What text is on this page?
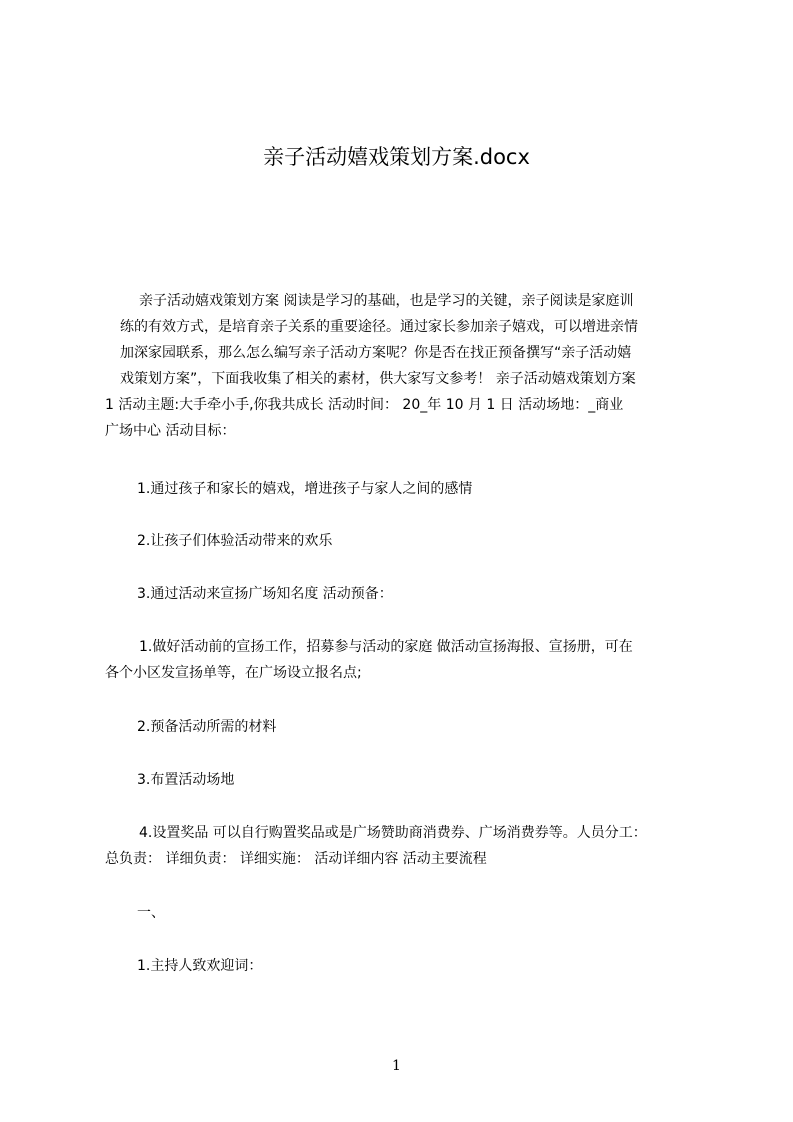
亲子活动嬉戏策划方案.docx
亲子活动嬉戏策划方案 阅读是学习的基础，也是学习的关键，亲子阅读是家庭训
练的有效方式，是培育亲子关系的重要途径。通过家长参加亲子嬉戏，可以增进亲情
加深家园联系，那么怎么编写亲子活动方案呢？你是否在找正预备撰写“亲子活动嬉
戏策划方案”，下面我收集了相关的素材，供大家写文参考！ 亲子活动嬉戏策划方案
1 活动主题:大手牵小手,你我共成长 活动时间： 20_年 10 月 1 日 活动场地：_商业
广场中心 活动目标：
1.通过孩子和家长的嬉戏，增进孩子与家人之间的感情
2.让孩子们体验活动带来的欢乐
3.通过活动来宣扬广场知名度 活动预备：
1.做好活动前的宣扬工作，招募参与活动的家庭 做活动宣扬海报、宣扬册，可在
各个小区发宣扬单等，在广场设立报名点;
2.预备活动所需的材料
3.布置活动场地
4.设置奖品 可以自行购置奖品或是广场赞助商消费券、广场消费券等。人员分工：
总负责： 详细负责： 详细实施： 活动详细内容 活动主要流程
一、
1.主持人致欢迎词：
1
